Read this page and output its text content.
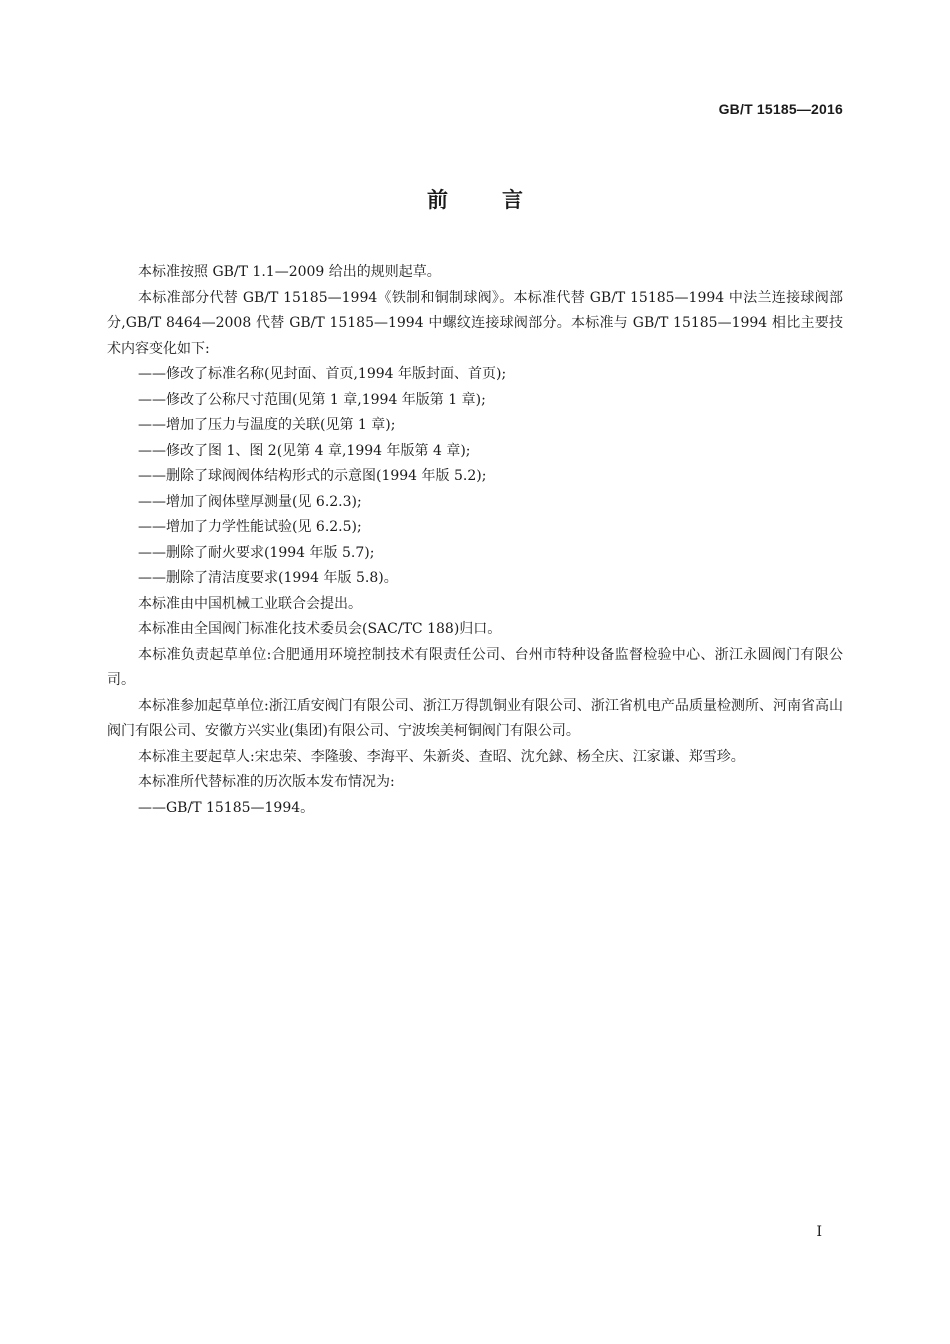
GB/T 15185—2016
前言

本标准按照 GB/T 1.1—2009 给出的规则起草。

本标准部分代替 GB/T 15185—1994《铁制和铜制球阀》。本标准代替 GB/T 15185—1994 中法兰连接球阀部分,GB/T 8464—2008 代替 GB/T 15185—1994 中螺纹连接球阀部分。本标准与 GB/T 15185—1994 相比主要技术内容变化如下:

——修改了标准名称(见封面、首页,1994 年版封面、首页);

——修改了公称尺寸范围(见第 1 章,1994 年版第 1 章);

——增加了压力与温度的关联(见第 1 章);

——修改了图 1、图 2(见第 4 章,1994 年版第 4 章);

——删除了球阀阀体结构形式的示意图(1994 年版 5.2);

——增加了阀体壁厚测量(见 6.2.3);

——增加了力学性能试验(见 6.2.5);

——删除了耐火要求(1994 年版 5.7);

——删除了清洁度要求(1994 年版 5.8)。

本标准由中国机械工业联合会提出。

本标准由全国阀门标准化技术委员会(SAC/TC 188)归口。

本标准负责起草单位:合肥通用环境控制技术有限责任公司、台州市特种设备监督检验中心、浙江永圆阀门有限公司。

本标准参加起草单位:浙江盾安阀门有限公司、浙江万得凯铜业有限公司、浙江省机电产品质量检测所、河南省高山阀门有限公司、安徽方兴实业(集团)有限公司、宁波埃美柯铜阀门有限公司。

本标准主要起草人:宋忠荣、李隆骏、李海平、朱新炎、查昭、沈允銶、杨全庆、江家谦、郑雪珍。

本标准所代替标准的历次版本发布情况为:

——GB/T 15185—1994。

I
